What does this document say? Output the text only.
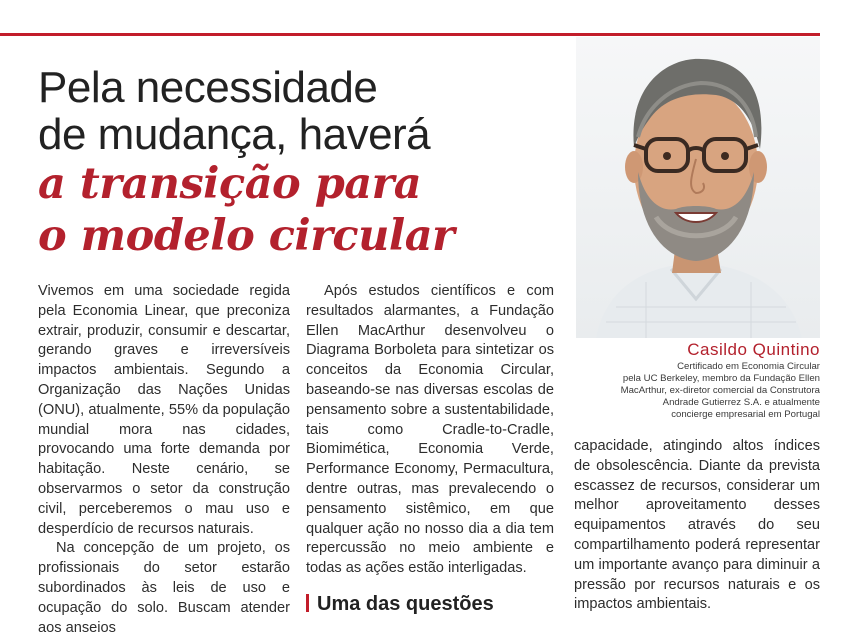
Pela necessidade
de mudança, haverá
a transição para
o modelo circular
Casildo Quintino
Certificado em Economia Circular
pela UC Berkeley, membro da Fundação Ellen
MacArthur, ex-diretor comercial da Construtora
Andrade Gutierrez S.A. e atualmente
concierge empresarial em Portugal

Vivemos em uma sociedade regida pela Economia Linear, que preconiza extrair, produzir, consumir e descartar, gerando graves e irreversíveis impactos ambientais. Segundo a Organização das Nações Unidas (ONU), atualmente, 55% da população mundial mora nas cidades, provocando uma forte demanda por habitação. Neste cenário, se observarmos o setor da construção civil, perceberemos o mau uso e desperdício de recursos naturais.

Na concepção de um projeto, os profissionais do setor estarão subordinados às leis de uso e ocupação do solo. Buscam atender aos anseios

Após estudos científicos e com resultados alarmantes, a Fundação Ellen MacArthur desenvolveu o Diagrama Borboleta para sintetizar os conceitos da Economia Circular, baseando-se nas diversas escolas de pensamento sobre a sustentabilidade, tais como Cradle-to-Cradle, Biomimética, Economia Verde, Performance Economy, Permacultura, dentre outras, mas prevalecendo o pensamento sistêmico, em que qualquer ação no nosso dia a dia tem repercussão no meio ambiente e todas as ações estão interligadas.

Uma das questões

capacidade, atingindo altos índices de obsolescência. Diante da prevista escassez de recursos, considerar um melhor aproveitamento desses equipamentos através do seu compartilhamento poderá representar um importante avanço para diminuir a pressão por recursos naturais e os impactos ambientais.
